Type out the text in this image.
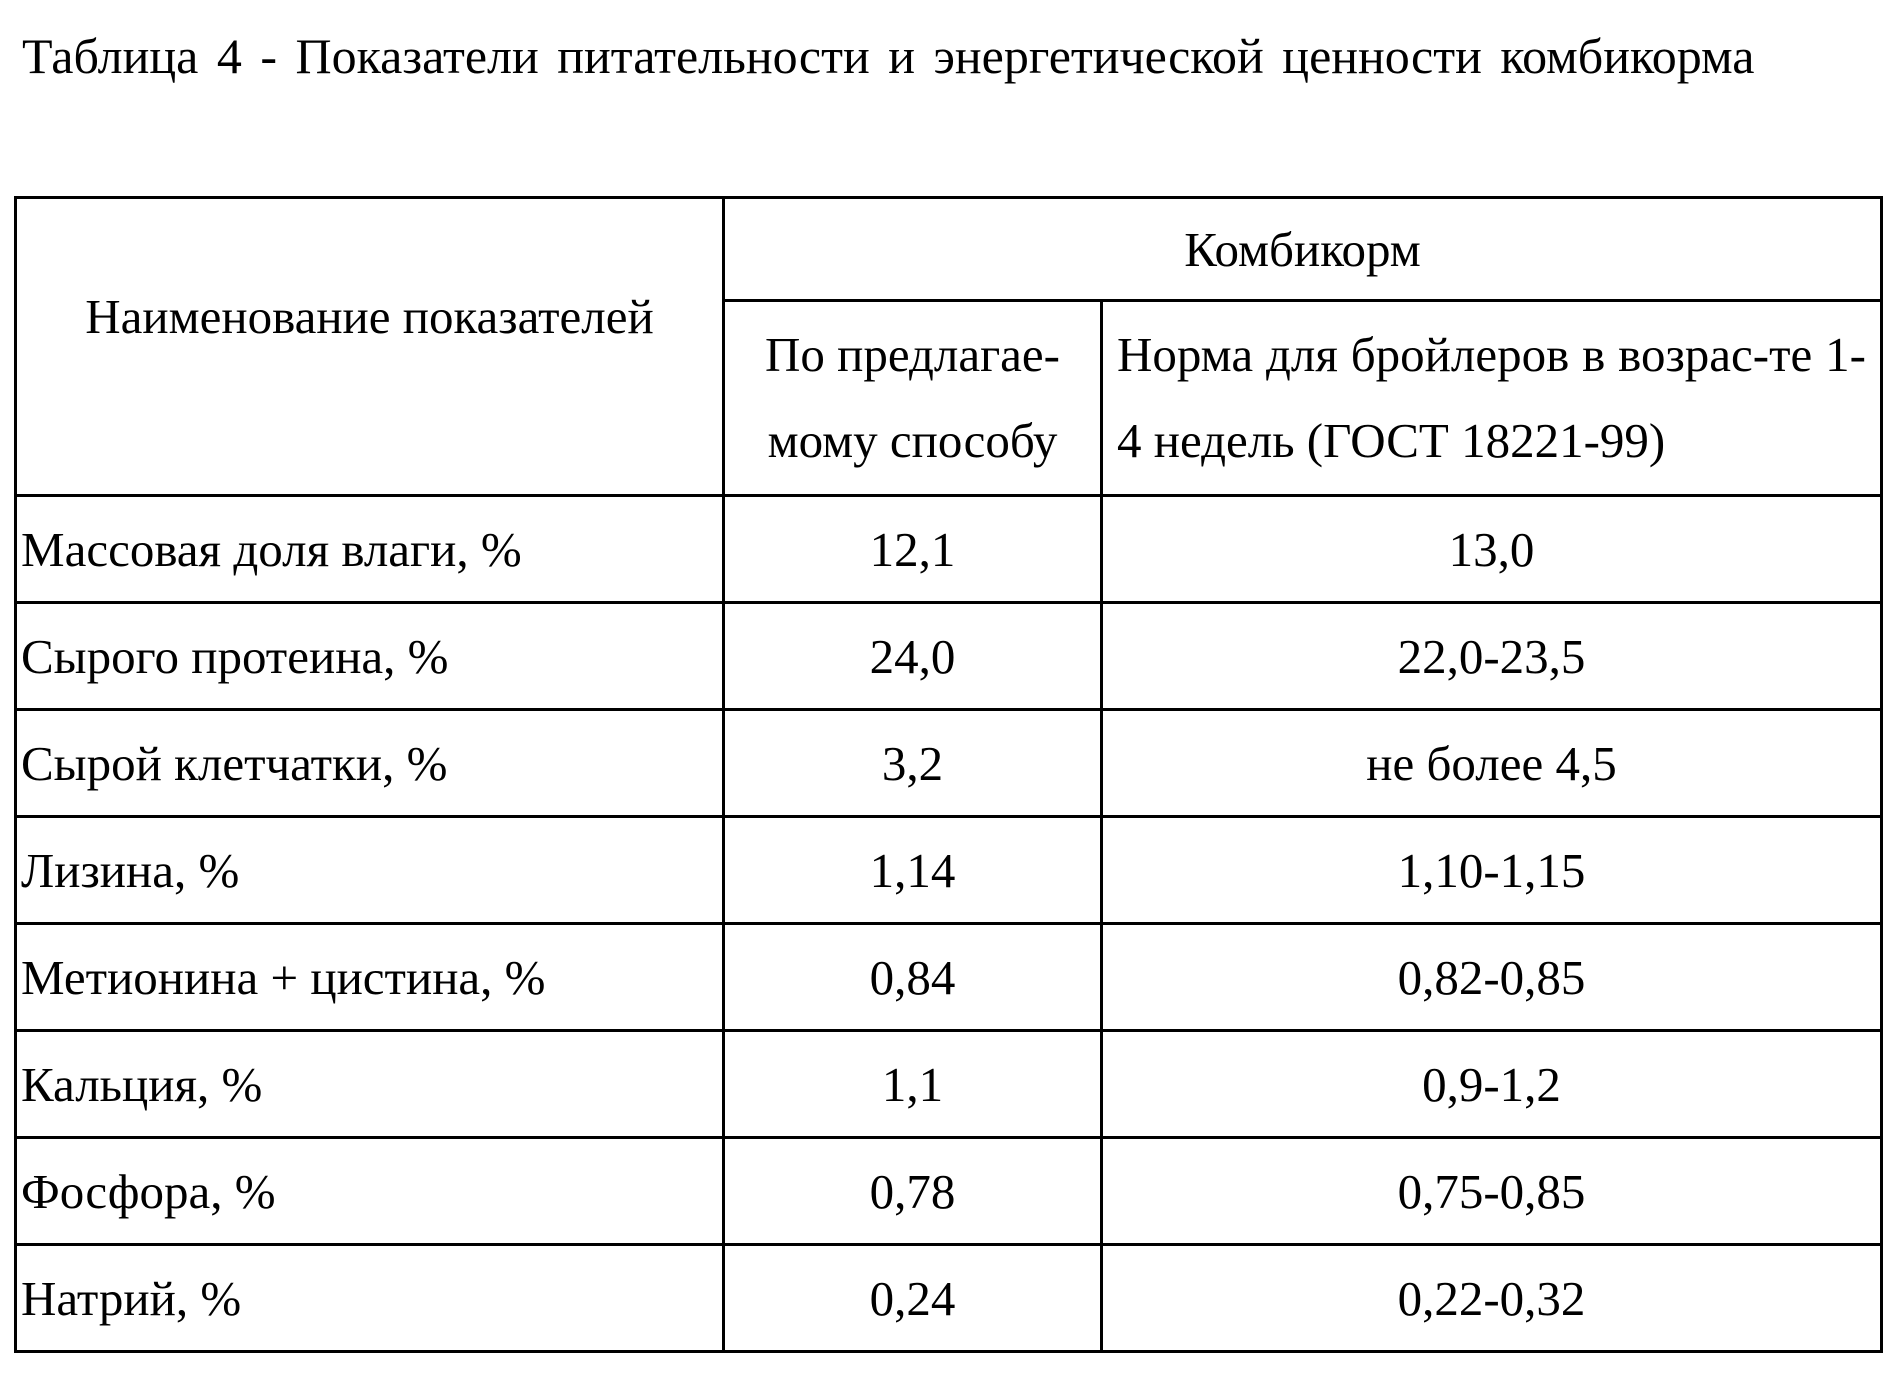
Таблица 4 - Показатели питательности и энергетической ценности комбикорма
Наименование показателей	Комбикорм	
	По предлагае-мому способу	Норма для бройлеров в возрас-те 1-4 недель (ГОСТ 18221-99)
Массовая доля влаги, %	12,1	13,0
Сырого протеина, %	24,0	22,0-23,5
Сырой клетчатки, %	3,2	не более 4,5
Лизина, %	1,14	1,10-1,15
Метионина + цистина, %	0,84	0,82-0,85
Кальция, %	1,1	0,9-1,2
Фосфора, %	0,78	0,75-0,85
Натрий, %	0,24	0,22-0,32
